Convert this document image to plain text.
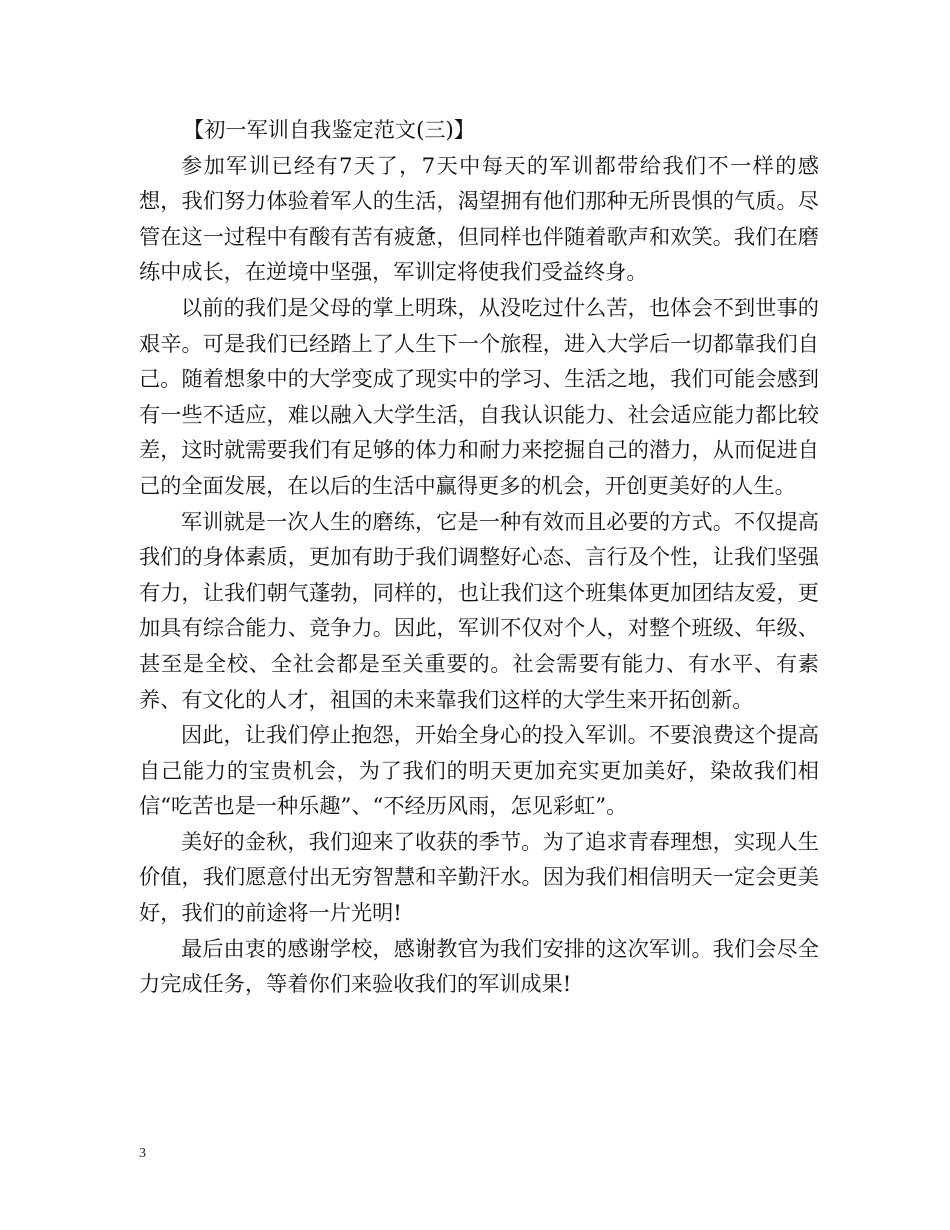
【初一军训自我鉴定范文(三)】

参加军训已经有7天了，7天中每天的军训都带给我们不一样的感想，我们努力体验着军人的生活，渴望拥有他们那种无所畏惧的气质。尽管在这一过程中有酸有苦有疲惫，但同样也伴随着歌声和欢笑。我们在磨练中成长，在逆境中坚强，军训定将使我们受益终身。

以前的我们是父母的掌上明珠，从没吃过什么苦，也体会不到世事的艰辛。可是我们已经踏上了人生下一个旅程，进入大学后一切都靠我们自己。随着想象中的大学变成了现实中的学习、生活之地，我们可能会感到有一些不适应，难以融入大学生活，自我认识能力、社会适应能力都比较差，这时就需要我们有足够的体力和耐力来挖掘自己的潜力，从而促进自己的全面发展，在以后的生活中赢得更多的机会，开创更美好的人生。

军训就是一次人生的磨练，它是一种有效而且必要的方式。不仅提高我们的身体素质，更加有助于我们调整好心态、言行及个性，让我们坚强有力，让我们朝气蓬勃，同样的，也让我们这个班集体更加团结友爱，更加具有综合能力、竞争力。因此，军训不仅对个人，对整个班级、年级、甚至是全校、全社会都是至关重要的。社会需要有能力、有水平、有素养、有文化的人才，祖国的未来靠我们这样的大学生来开拓创新。

因此，让我们停止抱怨，开始全身心的投入军训。不要浪费这个提高自己能力的宝贵机会，为了我们的明天更加充实更加美好，染故我们相信“吃苦也是一种乐趣”、“不经历风雨，怎见彩虹”。

美好的金秋，我们迎来了收获的季节。为了追求青春理想，实现人生价值，我们愿意付出无穷智慧和辛勤汗水。因为我们相信明天一定会更美好，我们的前途将一片光明!

最后由衷的感谢学校，感谢教官为我们安排的这次军训。我们会尽全力完成任务，等着你们来验收我们的军训成果!

3
